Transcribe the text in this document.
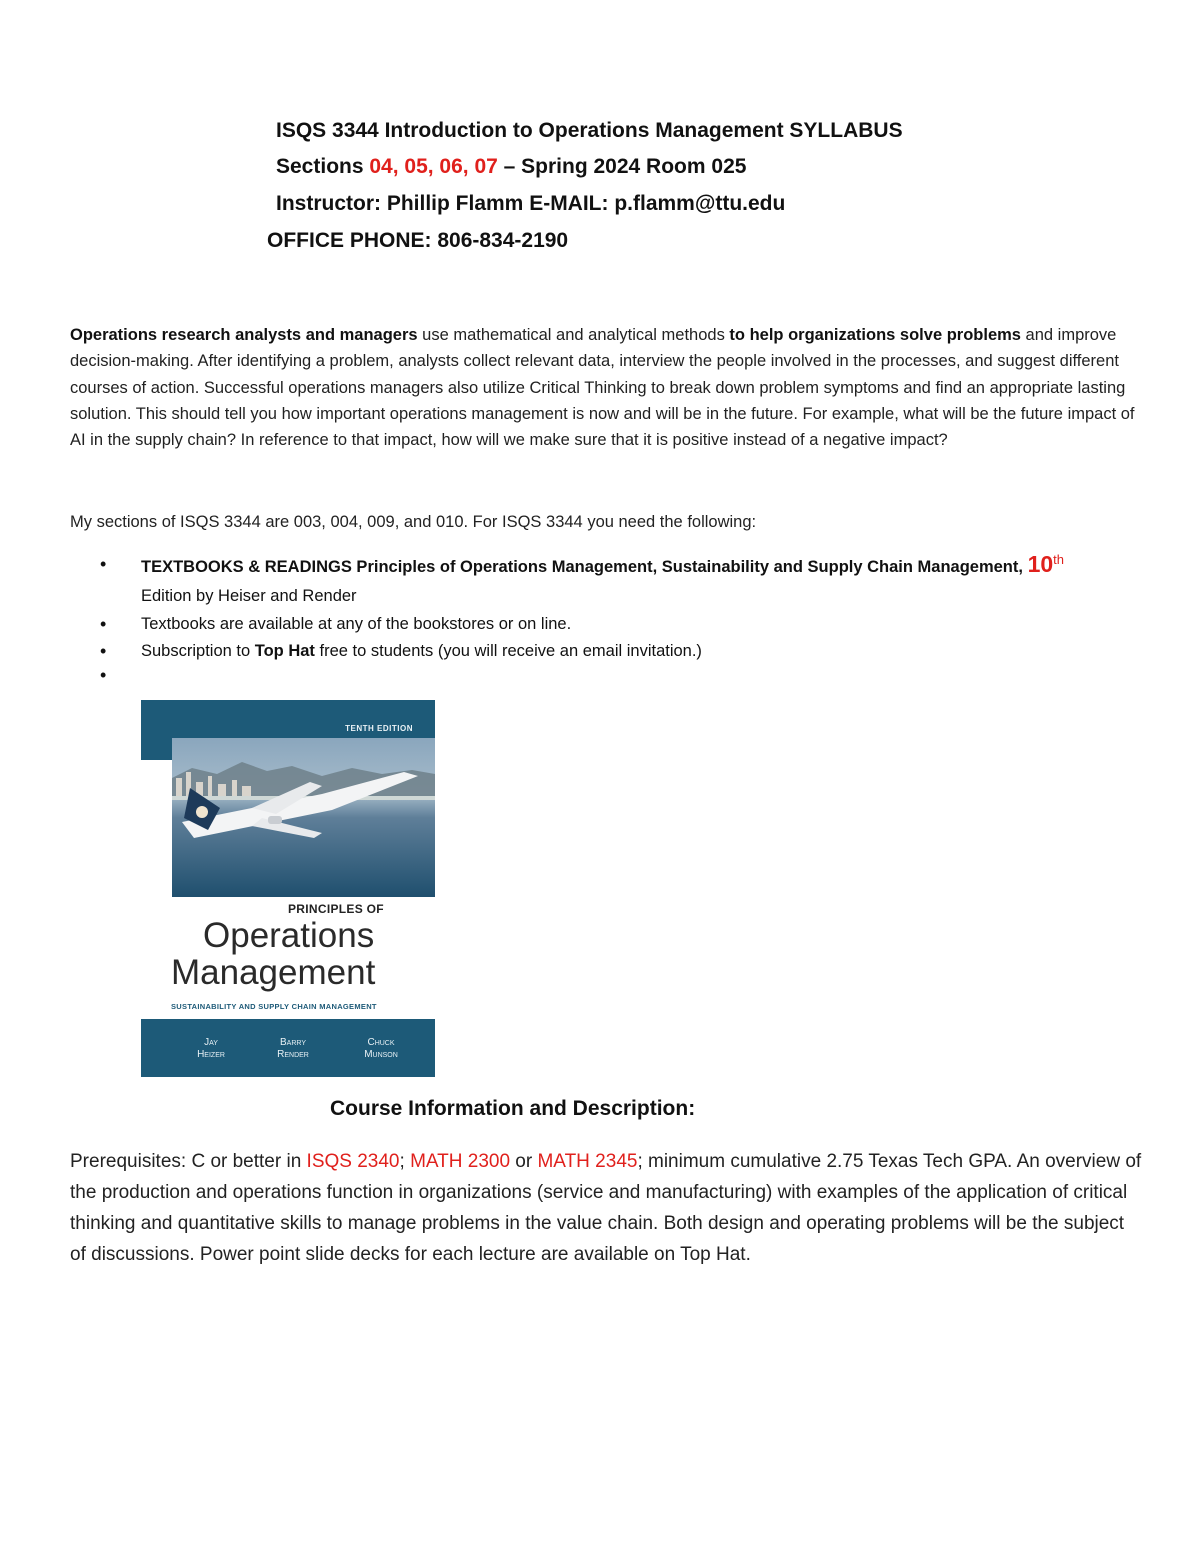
ISQS 3344 Introduction to Operations Management SYLLABUS
Sections 04, 05, 06, 07 – Spring 2024 Room 025
Instructor: Phillip Flamm E-MAIL: p.flamm@ttu.edu
OFFICE PHONE: 806-834-2190
Operations research analysts and managers use mathematical and analytical methods to help organizations solve problems and improve decision-making. After identifying a problem, analysts collect relevant data, interview the people involved in the processes, and suggest different courses of action. Successful operations managers also utilize Critical Thinking to break down problem symptoms and find an appropriate lasting solution. This should tell you how important operations management is now and will be in the future. For example, what will be the future impact of AI in the supply chain? In reference to that impact, how will we make sure that it is positive instead of a negative impact?
My sections of ISQS 3344 are 003, 004, 009, and 010. For ISQS 3344 you need the following:
• TEXTBOOKS & READINGS Principles of Operations Management, Sustainability and Supply Chain Management, 10th Edition by Heiser and Render
• Textbooks are available at any of the bookstores or on line.
• Subscription to Top Hat free to students (you will receive an email invitation.)
•
TENTH EDITION
PRINCIPLES OF
Operations
Management
SUSTAINABILITY AND SUPPLY CHAIN MANAGEMENT
Jay
Heizer
Barry
Render
Chuck
Munson
Course Information and Description:
Prerequisites: C or better in ISQS 2340; MATH 2300 or MATH 2345; minimum cumulative 2.75 Texas Tech GPA. An overview of the production and operations function in organizations (service and manufacturing) with examples of the application of critical thinking and quantitative skills to manage problems in the value chain. Both design and operating problems will be the subject of discussions. Power point slide decks for each lecture are available on Top Hat.
